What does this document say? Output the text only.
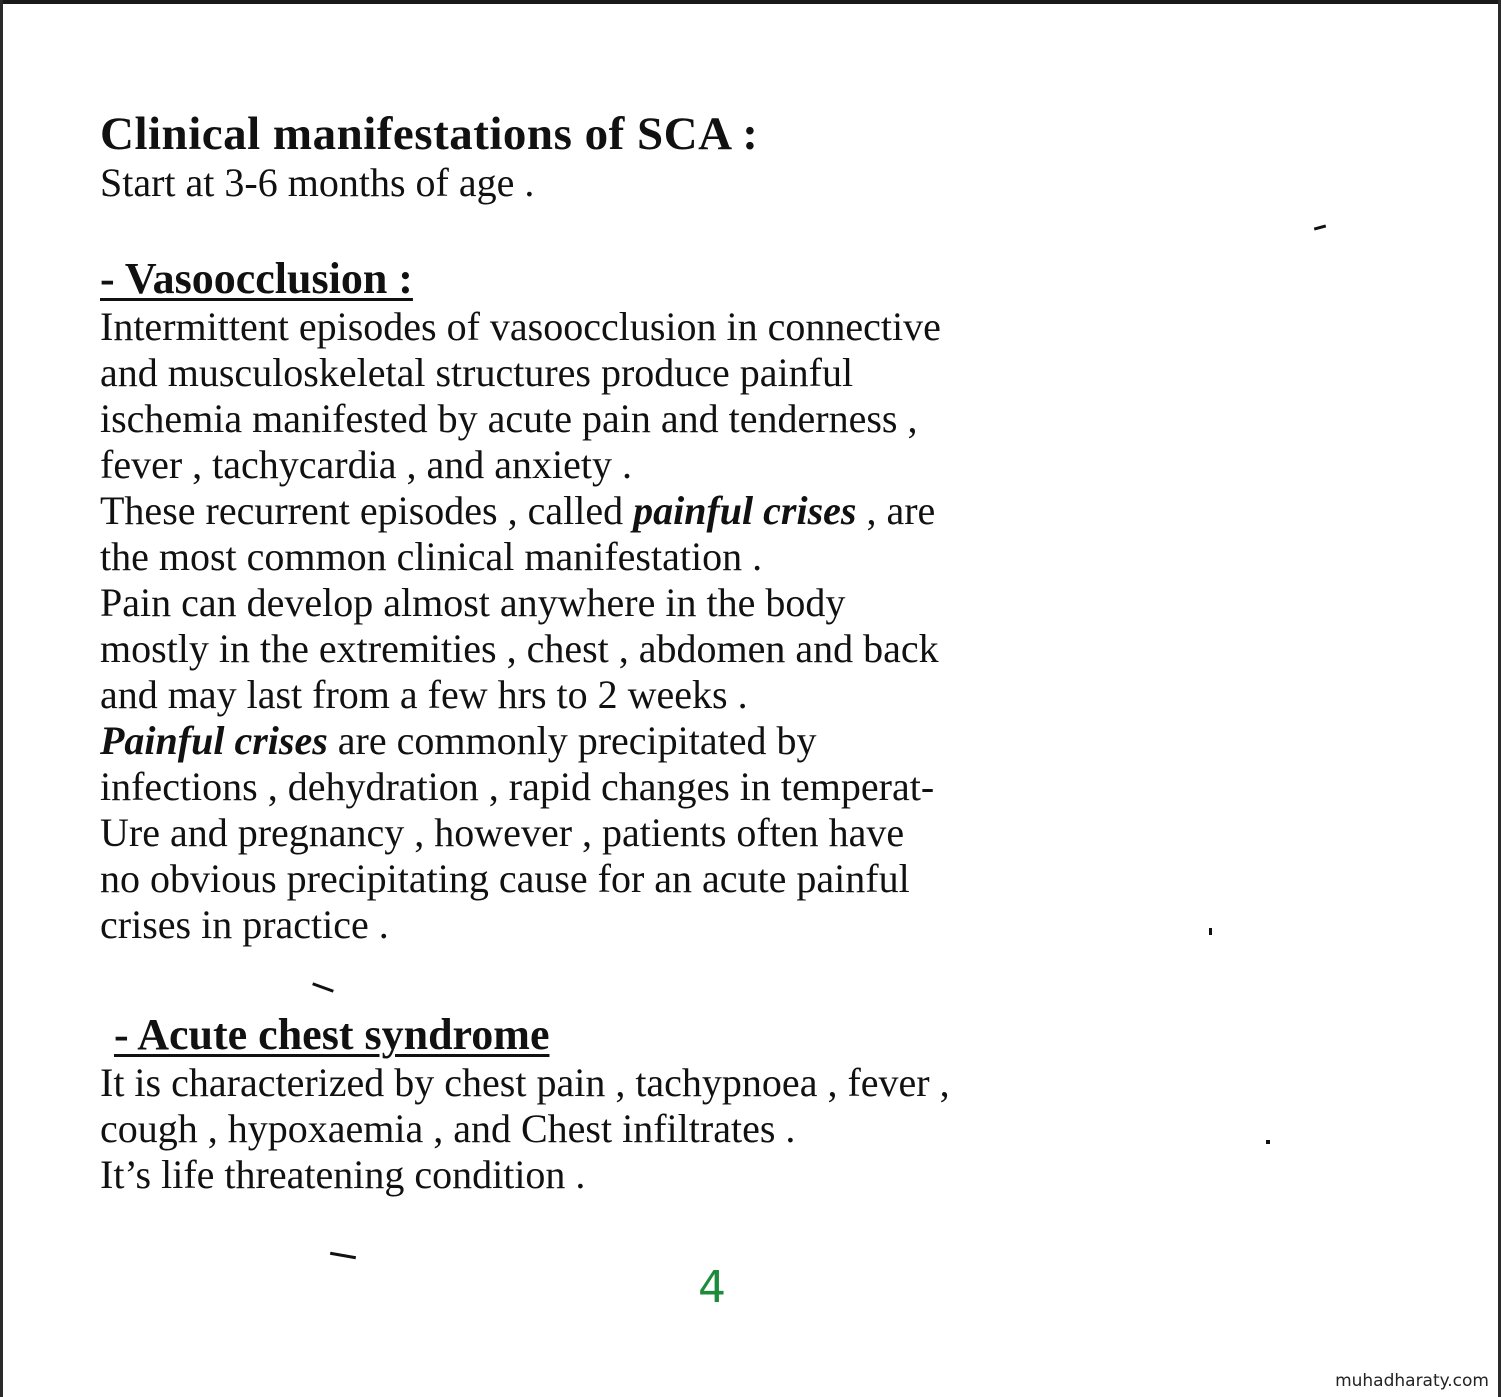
Clinical manifestations of SCA :

Start at 3-6 months of age .

- Vasoocclusion :

Intermittent episodes of vasoocclusion in connective

and musculoskeletal structures produce painful

ischemia manifested by acute pain and tenderness ,

fever , tachycardia , and anxiety .

These recurrent episodes , called painful crises , are

the most common clinical manifestation .

Pain can develop almost anywhere in the body

mostly in the extremities , chest , abdomen and back

and may last from a few hrs to 2 weeks .

Painful crises are commonly precipitated by

infections , dehydration , rapid changes in temperat-

Ure and pregnancy , however , patients often have

no obvious precipitating cause for an acute painful

crises in practice .

- Acute chest syndrome

It is characterized by chest pain , tachypnoea , fever ,

cough , hypoxaemia , and Chest infiltrates .

It’s life threatening condition .

4
muhadharaty.com
